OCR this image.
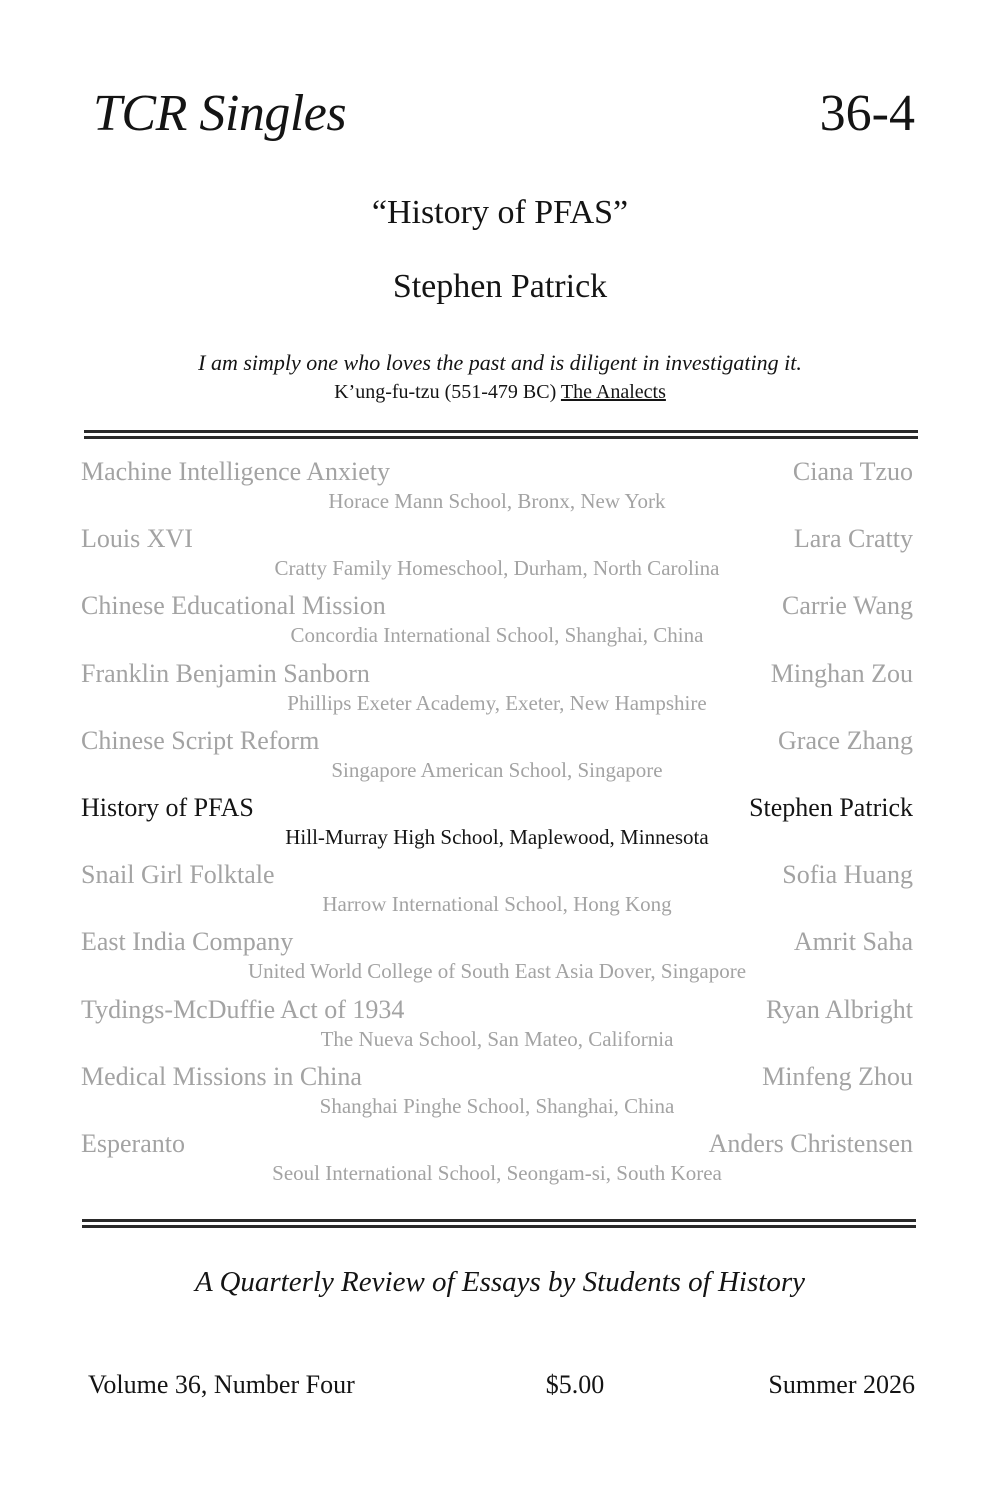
TCR Singles	36-4
“History of PFAS”
Stephen Patrick
I am simply one who loves the past and is diligent in investigating it.
K’ung-fu-tzu (551-479 BC) The Analects
Machine Intelligence Anxiety	Ciana Tzuo
Horace Mann School, Bronx, New York
Louis XVI	Lara Cratty
Cratty Family Homeschool, Durham, North Carolina
Chinese Educational Mission	Carrie Wang
Concordia International School, Shanghai, China
Franklin Benjamin Sanborn	Minghan Zou
Phillips Exeter Academy, Exeter, New Hampshire
Chinese Script Reform	Grace Zhang
Singapore American School, Singapore
History of PFAS	Stephen Patrick
Hill-Murray High School, Maplewood, Minnesota
Snail Girl Folktale	Sofia Huang
Harrow International School, Hong Kong
East India Company	Amrit Saha
United World College of South East Asia Dover, Singapore
Tydings-McDuffie Act of 1934	Ryan Albright
The Nueva School, San Mateo, California
Medical Missions in China	Minfeng Zhou
Shanghai Pinghe School, Shanghai, China
Esperanto	Anders Christensen
Seoul International School, Seongam-si, South Korea
A Quarterly Review of Essays by Students of History
Volume 36, Number Four	$5.00	Summer 2026
